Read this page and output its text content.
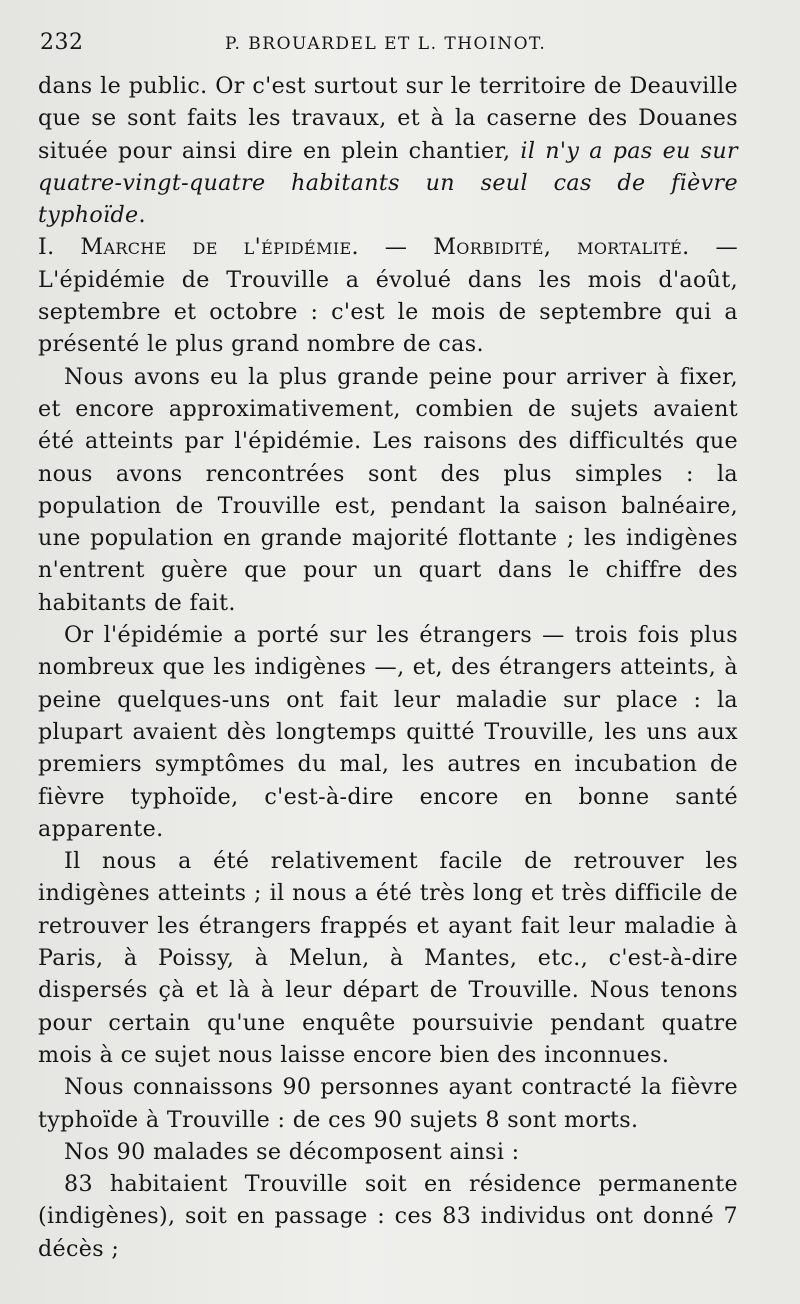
232	P. BROUARDEL ET L. THOINOT.

dans le public. Or c'est surtout sur le territoire de Deauville que se sont faits les travaux, et à la caserne des Douanes située pour ainsi dire en plein chantier, il n'y a pas eu sur quatre-vingt-quatre habitants un seul cas de fièvre typhoïde.

I. Marche de l'épidémie. — Morbidité, mortalité. — L'épidémie de Trouville a évolué dans les mois d'août, septembre et octobre : c'est le mois de septembre qui a présenté le plus grand nombre de cas.

Nous avons eu la plus grande peine pour arriver à fixer, et encore approximativement, combien de sujets avaient été atteints par l'épidémie. Les raisons des difficultés que nous avons rencontrées sont des plus simples : la population de Trouville est, pendant la saison balnéaire, une population en grande majorité flottante ; les indigènes n'entrent guère que pour un quart dans le chiffre des habitants de fait.

Or l'épidémie a porté sur les étrangers — trois fois plus nombreux que les indigènes —, et, des étrangers atteints, à peine quelques-uns ont fait leur maladie sur place : la plupart avaient dès longtemps quitté Trouville, les uns aux premiers symptômes du mal, les autres en incubation de fièvre typhoïde, c'est-à-dire encore en bonne santé apparente.

Il nous a été relativement facile de retrouver les indigènes atteints ; il nous a été très long et très difficile de retrouver les étrangers frappés et ayant fait leur maladie à Paris, à Poissy, à Melun, à Mantes, etc., c'est-à-dire dispersés çà et là à leur départ de Trouville. Nous tenons pour certain qu'une enquête poursuivie pendant quatre mois à ce sujet nous laisse encore bien des inconnues.

Nous connaissons 90 personnes ayant contracté la fièvre typhoïde à Trouville : de ces 90 sujets 8 sont morts.

Nos 90 malades se décomposent ainsi :

83 habitaient Trouville soit en résidence permanente (indigènes), soit en passage : ces 83 individus ont donné 7 décès ;
